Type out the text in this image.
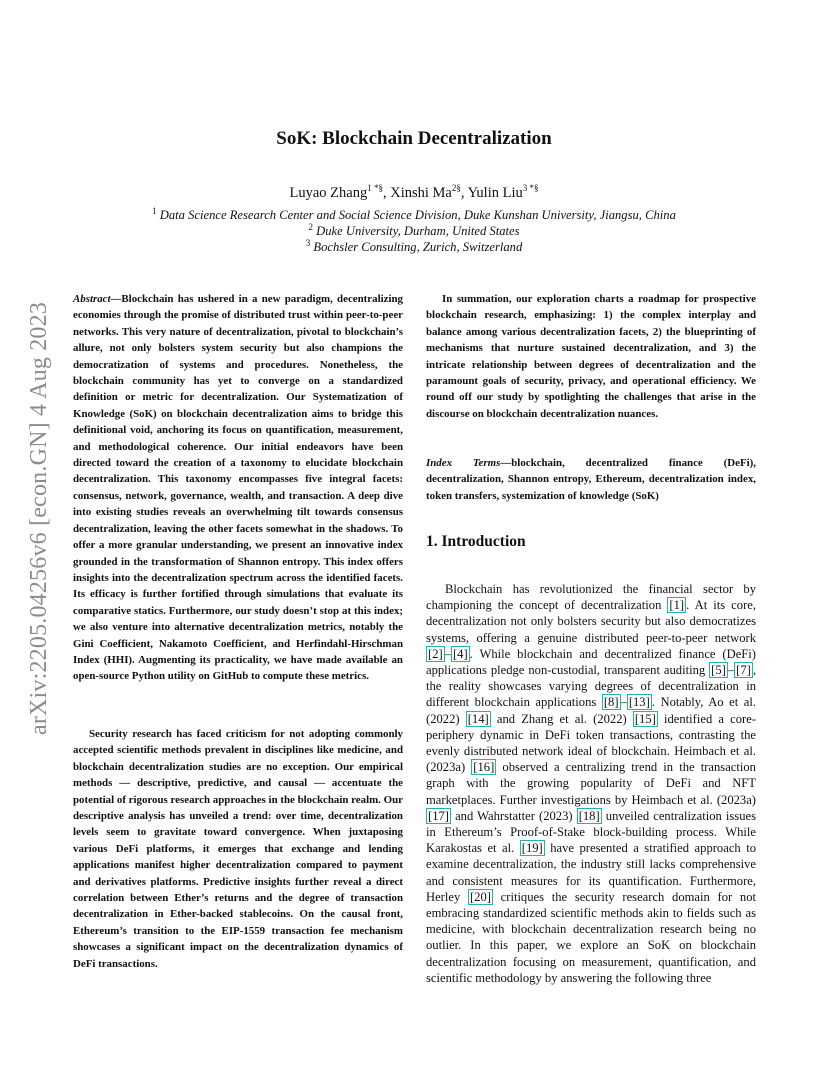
arXiv:2205.04256v6 [econ.GN] 4 Aug 2023
SoK: Blockchain Decentralization
Luyao Zhang$^{1 *\S}$, Xinshi $Ma^{2\S}$, Yulin Liu$^{3 *\S}$
$^1$ Data Science Research Center and Social Science Division, Duke Kunshan University, Jiangsu, China
$^2$ Duke University, Durham, United States
$^3$ Bochsler Consulting, Zurich, Switzerland

Abstract—Blockchain has ushered in a new paradigm, decentralizing economies through the promise of distributed trust within peer-to-peer networks. This very nature of decentralization, pivotal to blockchain’s allure, not only bolsters system security but also champions the democratization of systems and procedures. Nonetheless, the blockchain community has yet to converge on a standardized definition or metric for decentralization. Our Systematization of Knowledge (SoK) on blockchain decentralization aims to bridge this definitional void, anchoring its focus on quantification, measurement, and methodological coherence. Our initial endeavors have been directed toward the creation of a taxonomy to elucidate blockchain decentralization. This taxonomy encompasses five integral facets: consensus, network, governance, wealth, and transaction. A deep dive into existing studies reveals an overwhelming tilt towards consensus decentralization, leaving the other facets somewhat in the shadows. To offer a more granular understanding, we present an innovative index grounded in the transformation of Shannon entropy. This index offers insights into the decentralization spectrum across the identified facets. Its efficacy is further fortified through simulations that evaluate its comparative statics. Furthermore, our study doesn’t stop at this index; we also venture into alternative decentralization metrics, notably the Gini Coefficient, Nakamoto Coefficient, and Herfindahl-Hirschman Index (HHI). Augmenting its practicality, we have made available an open-source Python utility on GitHub to compute these metrics.

Security research has faced criticism for not adopting commonly accepted scientific methods prevalent in disciplines like medicine, and blockchain decentralization studies are no exception. Our empirical methods — descriptive, predictive, and causal — accentuate the potential of rigorous research approaches in the blockchain realm. Our descriptive analysis has unveiled a trend: over time, decentralization levels seem to gravitate toward convergence. When juxtaposing various DeFi platforms, it emerges that exchange and lending applications manifest higher decentralization compared to payment and derivatives platforms. Predictive insights further reveal a direct correlation between Ether’s returns and the degree of transaction decentralization in Ether-backed stablecoins. On the causal front, Ethereum’s transition to the EIP-1559 transaction fee mechanism showcases a significant impact on the decentralization dynamics of DeFi transactions.

In summation, our exploration charts a roadmap for prospective blockchain research, emphasizing: 1) the complex interplay and balance among various decentralization facets, 2) the blueprinting of mechanisms that nurture sustained decentralization, and 3) the intricate relationship between degrees of decentralization and the paramount goals of security, privacy, and operational efficiency. We round off our study by spotlighting the challenges that arise in the discourse on blockchain decentralization nuances.

Index Terms—blockchain, decentralized finance (DeFi), decentralization, Shannon entropy, Ethereum, decentralization index, token transfers, systemization of knowledge (SoK)

1. Introduction

Blockchain has revolutionized the financial sector by championing the concept of decentralization [1] . At its core, decentralization not only bolsters security but also democratizes systems, offering a genuine distributed peer-to-peer network [2] – [4] . While blockchain and decentralized finance (DeFi) applications pledge non-custodial, transparent auditing [5] – [7] , the reality showcases varying degrees of decentralization in different blockchain applications [8] – [13] . Notably, Ao et al. (2022) [14] and Zhang et al. (2022) [15] identified a core-periphery dynamic in DeFi token transactions, contrasting the evenly distributed network ideal of blockchain. Heimbach et al. (2023a) [16] observed a centralizing trend in the transaction graph with the growing popularity of DeFi and NFT marketplaces. Further investigations by Heimbach et al. (2023a) [17] and Wahrstatter (2023) [18] unveiled centralization issues in Ethereum’s Proof-of-Stake block-building process. While Karakostas et al. [19] have presented a stratified approach to examine decentralization, the industry still lacks comprehensive and consistent measures for its quantification. Furthermore, Herley [20] critiques the security research domain for not embracing standardized scientific methods akin to fields such as medicine, with blockchain decentralization research being no outlier. In this paper, we explore an SoK on blockchain decentralization focusing on measurement, quantification, and scientific methodology by answering the following three
